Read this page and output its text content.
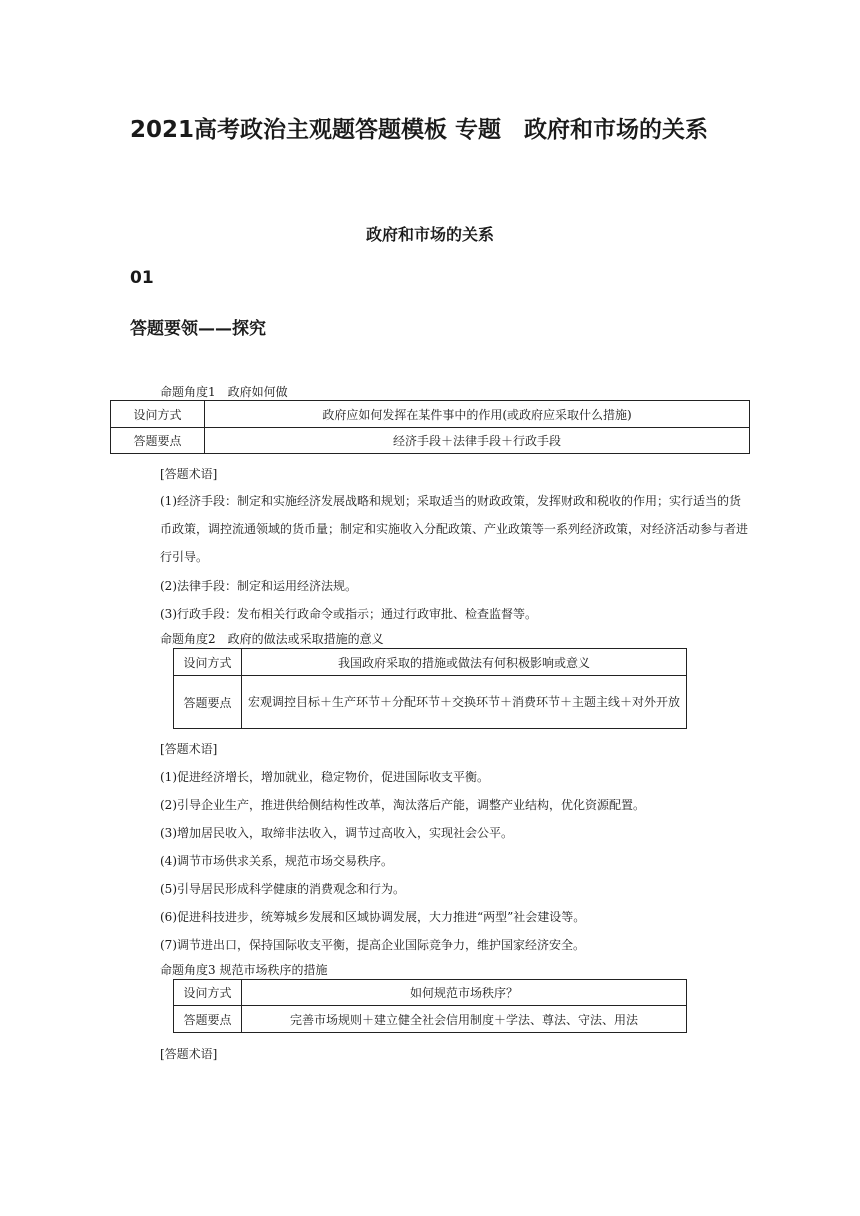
2021高考政治主观题答题模板 专题　政府和市场的关系
政府和市场的关系
01
答题要领——探究
命题角度1　政府如何做
设问方式	政府应如何发挥在某件事中的作用(或政府应采取什么措施)
答题要点	经济手段＋法律手段＋行政手段
[答题术语]

(1)经济手段：制定和实施经济发展战略和规划；采取适当的财政政策，发挥财政和税收的作用；实行适当的货币政策，调控流通领域的货币量；制定和实施收入分配政策、产业政策等一系列经济政策，对经济活动参与者进行引导。

(2)法律手段：制定和运用经济法规。
(3)行政手段：发布相关行政命令或指示；通过行政审批、检查监督等。
命题角度2　政府的做法或采取措施的意义
设问方式	我国政府采取的措施或做法有何积极影响或意义
答题要点	宏观调控目标＋生产环节＋分配环节＋交换环节＋消费环节＋主题主线＋对外开放
[答题术语]
(1)促进经济增长，增加就业，稳定物价，促进国际收支平衡。
(2)引导企业生产，推进供给侧结构性改革，淘汰落后产能，调整产业结构，优化资源配置。
(3)增加居民收入，取缔非法收入，调节过高收入，实现社会公平。
(4)调节市场供求关系，规范市场交易秩序。
(5)引导居民形成科学健康的消费观念和行为。
(6)促进科技进步，统筹城乡发展和区域协调发展，大力推进“两型”社会建设等。
(7)调节进出口，保持国际收支平衡，提高企业国际竞争力，维护国家经济安全。
命题角度3 规范市场秩序的措施
设问方式	如何规范市场秩序？
答题要点	完善市场规则＋建立健全社会信用制度＋学法、尊法、守法、用法
[答题术语]
